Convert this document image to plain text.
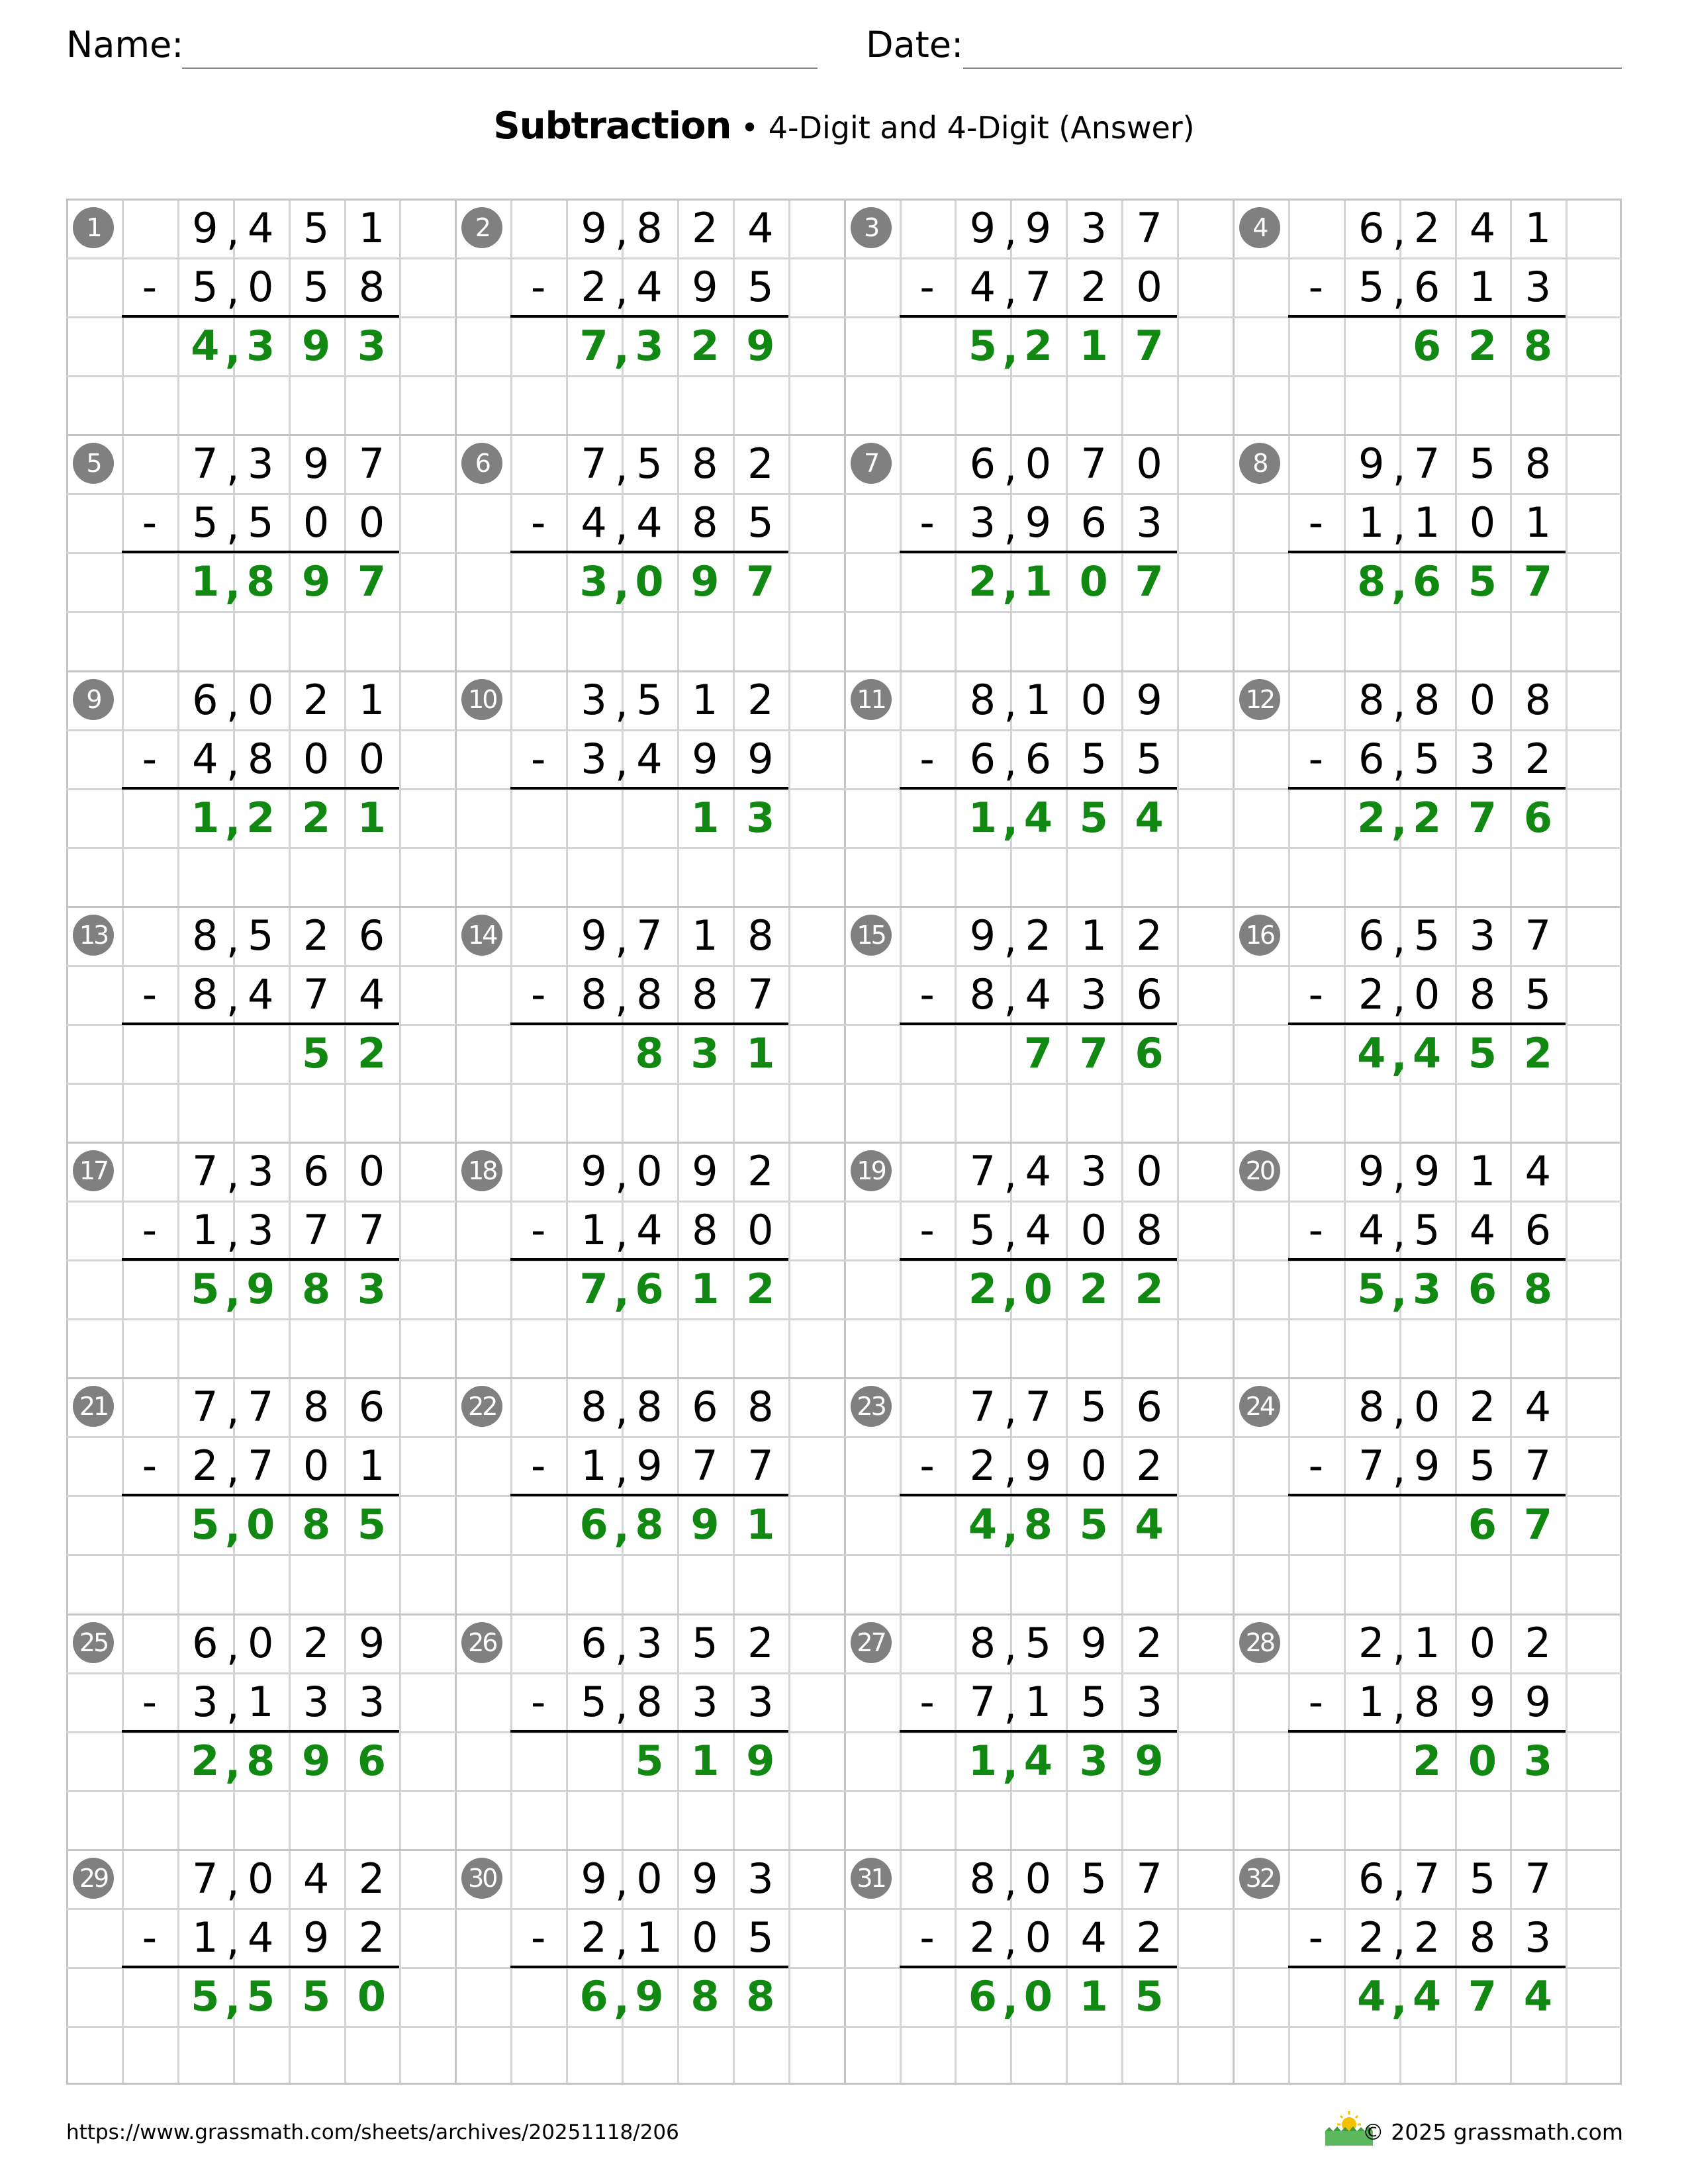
Name:	Date:
Subtraction • 4-Digit and 4-Digit (Answer)
1
-
9 4 5 1
,
5 0 5 8
,
4 3 9 3
,
2
-
9 8 2 4
,
2 4 9 5
,
7 3 2 9
,
3
-
9 9 3 7
,
4 7 2 0
,
5 2 1 7
,
4
-
6 2 4 1
,
5 6 1 3
,
6 2 8
5
-
7 3 9 7
,
5 5 0 0
,
1 8 9 7
,
6
-
7 5 8 2
,
4 4 8 5
,
3 0 9 7
,
7
-
6 0 7 0
,
3 9 6 3
,
2 1 0 7
,
8
-
9 7 5 8
,
1 1 0 1
,
8 6 5 7
,
9
-
6 0 2 1
,
4 8 0 0
,
1 2 2 1
,
10
-
3 5 1 2
,
3 4 9 9
,
1 3
11
-
8 1 0 9
,
6 6 5 5
,
1 4 5 4
,
12
-
8 8 0 8
,
6 5 3 2
,
2 2 7 6
,
13
-
8 5 2 6
,
8 4 7 4
,
5 2
14
-
9 7 1 8
,
8 8 8 7
,
8 3 1
15
-
9 2 1 2
,
8 4 3 6
,
7 7 6
16
-
6 5 3 7
,
2 0 8 5
,
4 4 5 2
,
17
-
7 3 6 0
,
1 3 7 7
,
5 9 8 3
,
18
-
9 0 9 2
,
1 4 8 0
,
7 6 1 2
,
19
-
7 4 3 0
,
5 4 0 8
,
2 0 2 2
,
20
-
9 9 1 4
,
4 5 4 6
,
5 3 6 8
,
21
-
7 7 8 6
,
2 7 0 1
,
5 0 8 5
,
22
-
8 8 6 8
,
1 9 7 7
,
6 8 9 1
,
23
-
7 7 5 6
,
2 9 0 2
,
4 8 5 4
,
24
-
8 0 2 4
,
7 9 5 7
,
6 7
25
-
6 0 2 9
,
3 1 3 3
,
2 8 9 6
,
26
-
6 3 5 2
,
5 8 3 3
,
5 1 9
27
-
8 5 9 2
,
7 1 5 3
,
1 4 3 9
,
28
-
2 1 0 2
,
1 8 9 9
,
2 0 3
29
-
7 0 4 2
,
1 4 9 2
,
5 5 5 0
,
30
-
9 0 9 3
,
2 1 0 5
,
6 9 8 8
,
31
-
8 0 5 7
,
2 0 4 2
,
6 0 1 5
,
32
-
6 7 5 7
,
2 2 8 3
,
4 4 7 4
,
https://www.grassmath.com/sheets/archives/20251118/206	© 2025 grassmath.com
